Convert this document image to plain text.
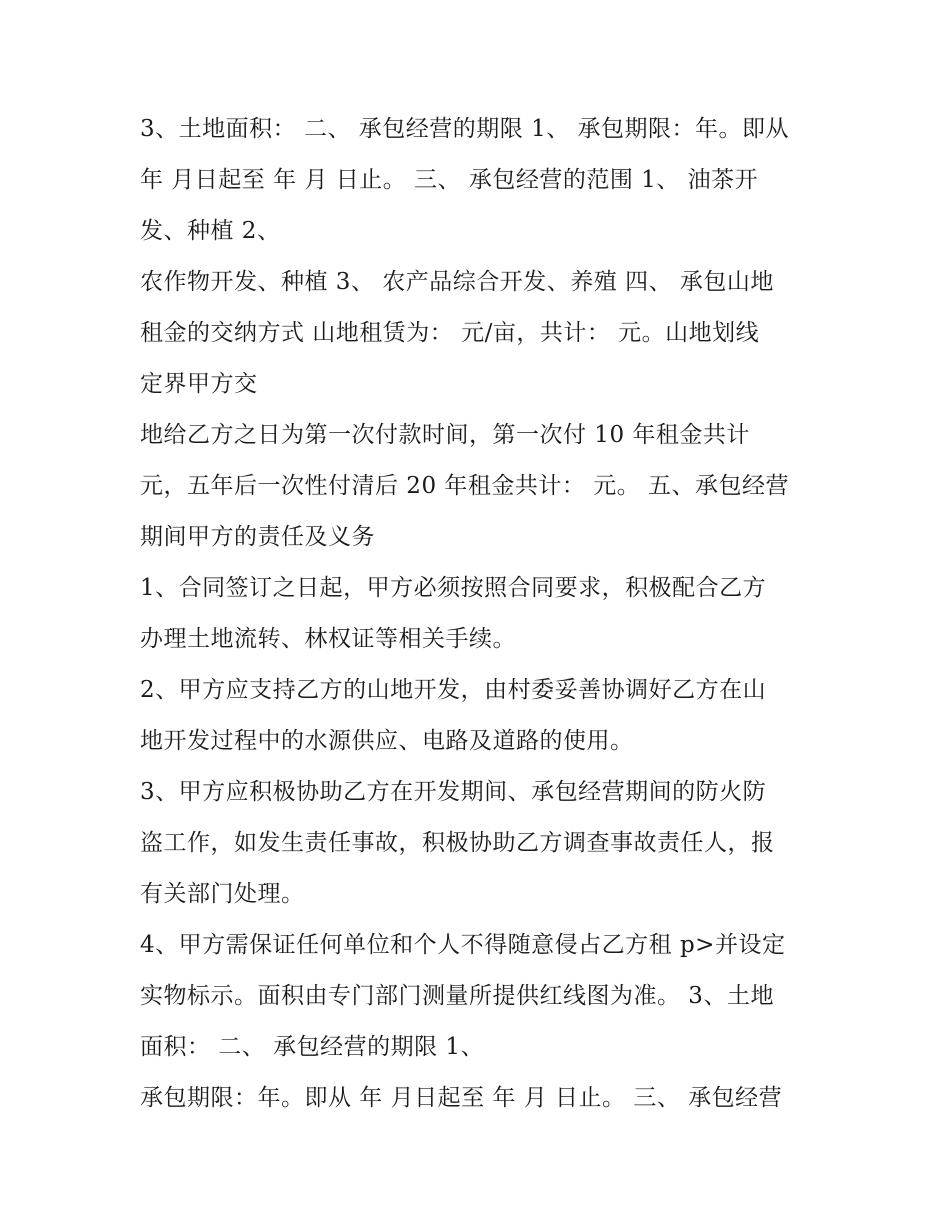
3、土地面积： 二、 承包经营的期限 1、 承包期限：年。即从
年 月日起至 年 月 日止。 三、 承包经营的范围 1、 油茶开
发、种植 2、
农作物开发、种植 3、 农产品综合开发、养殖 四、 承包山地
租金的交纳方式 山地租赁为： 元/亩，共计： 元。山地划线
定界甲方交
地给乙方之日为第一次付款时间，第一次付 10 年租金共计
元，五年后一次性付清后 20 年租金共计： 元。 五、承包经营
期间甲方的责任及义务
1、合同签订之日起，甲方必须按照合同要求，积极配合乙方
办理土地流转、林权证等相关手续。
2、甲方应支持乙方的山地开发，由村委妥善协调好乙方在山
地开发过程中的水源供应、电路及道路的使用。
3、甲方应积极协助乙方在开发期间、承包经营期间的防火防
盗工作，如发生责任事故，积极协助乙方调查事故责任人，报
有关部门处理。
4、甲方需保证任何单位和个人不得随意侵占乙方租 p>并设定
实物标示。面积由专门部门测量所提供红线图为准。 3、土地
面积： 二、 承包经营的期限 1、
承包期限：年。即从 年 月日起至 年 月 日止。 三、 承包经营
